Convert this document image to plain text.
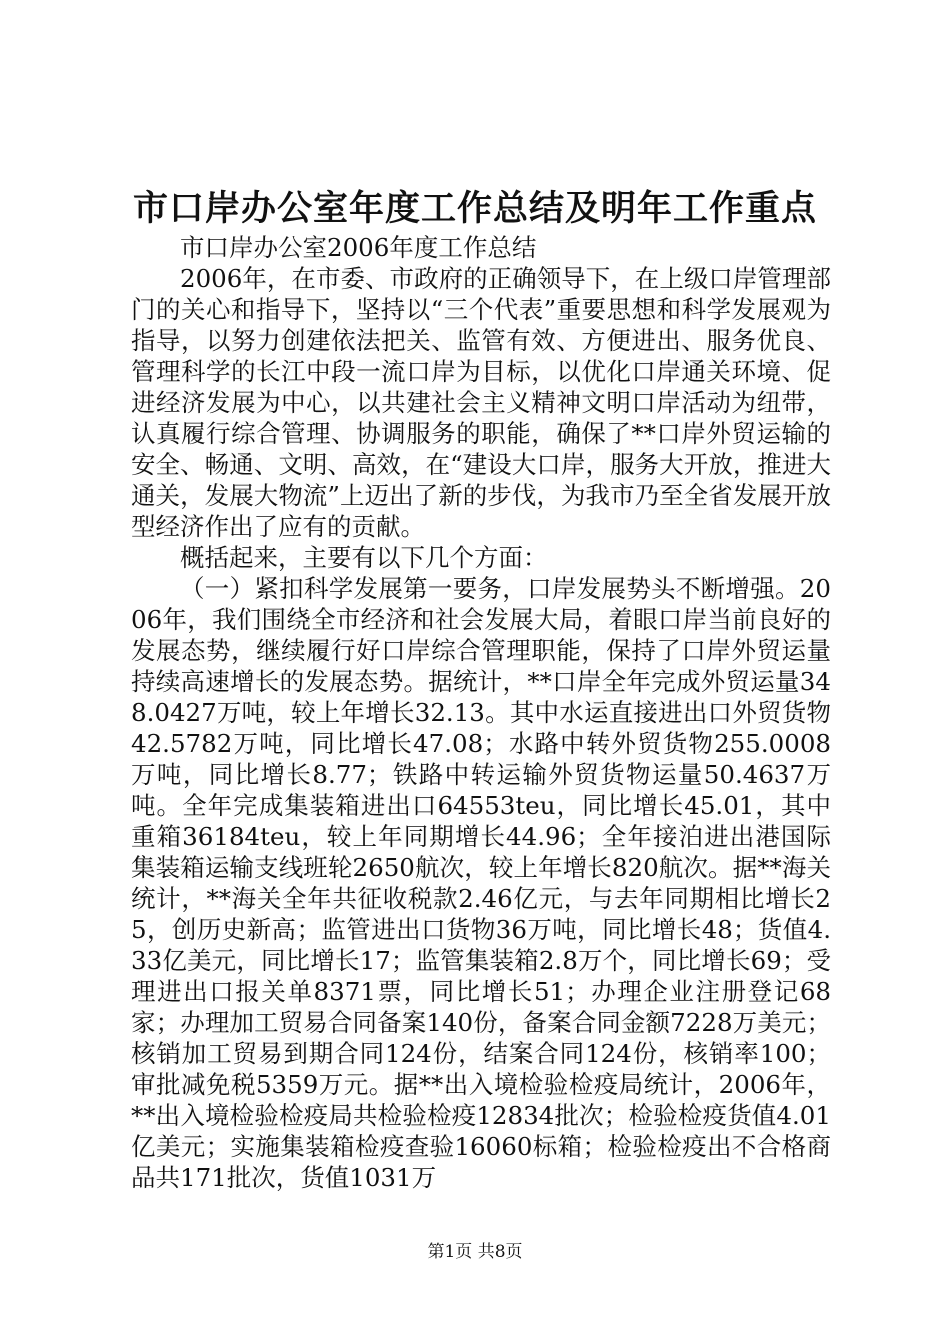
市口岸办公室年度工作总结及明年工作重点

市口岸办公室2006年度工作总结

2006年，在市委、市政府的正确领导下，在上级口岸管理部门的关心和指导下，坚持以“三个代表”重要思想和科学发展观为指导，以努力创建依法把关、监管有效、方便进出、服务优良、管理科学的长江中段一流口岸为目标，以优化口岸通关环境、促进经济发展为中心，以共建社会主义精神文明口岸活动为纽带，认真履行综合管理、协调服务的职能，确保了**口岸外贸运输的安全、畅通、文明、高效，在“建设大口岸，服务大开放，推进大通关，发展大物流”上迈出了新的步伐，为我市乃至全省发展开放型经济作出了应有的贡献。

概括起来，主要有以下几个方面：

（一）紧扣科学发展第一要务，口岸发展势头不断增强。2006年，我们围绕全市经济和社会发展大局，着眼口岸当前良好的发展态势，继续履行好口岸综合管理职能，保持了口岸外贸运量持续高速增长的发展态势。据统计，**口岸全年完成外贸运量348.0427万吨，较上年增长32.13。其中水运直接进出口外贸货物42.5782万吨，同比增长47.08；水路中转外贸货物255.0008万吨，同比增长8.77；铁路中转运输外贸货物运量50.4637万吨。全年完成集装箱进出口64553teu，同比增长45.01，其中重箱36184teu，较上年同期增长44.96；全年接泊进出港国际集装箱运输支线班轮2650航次，较上年增长820航次。据**海关统计，**海关全年共征收税款2.46亿元，与去年同期相比增长25，创历史新高；监管进出口货物36万吨，同比增长48；货值4.33亿美元，同比增长17；监管集装箱2.8万个，同比增长69；受理进出口报关单8371票，同比增长51；办理企业注册登记68家；办理加工贸易合同备案140份，备案合同金额7228万美元；核销加工贸易到期合同124份，结案合同124份，核销率100；审批减免税5359万元。据**出入境检验检疫局统计，2006年，**出入境检验检疫局共检验检疫12834批次；检验检疫货值4.01亿美元；实施集装箱检疫查验16060标箱；检验检疫出不合格商品共171批次，货值1031万

第1页 共8页
